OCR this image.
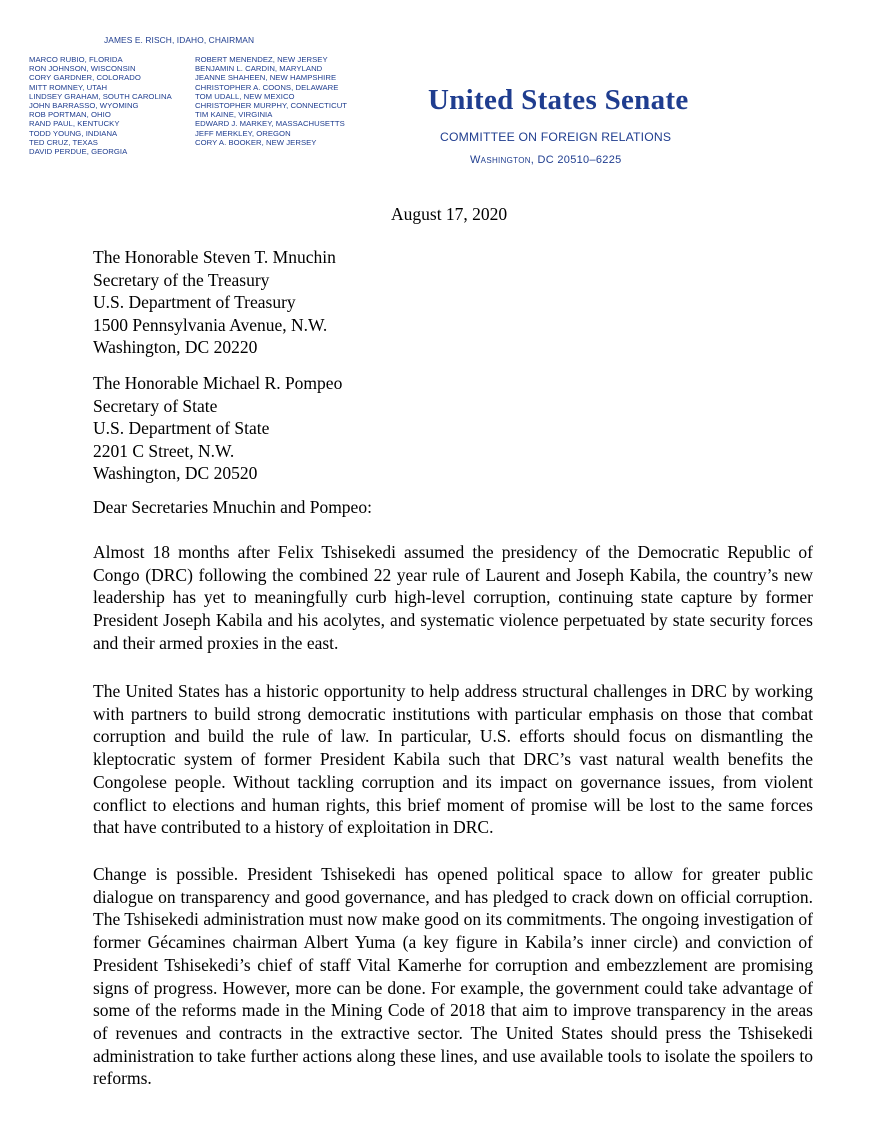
JAMES E. RISCH, IDAHO, CHAIRMAN
MARCO RUBIO, FLORIDA
RON JOHNSON, WISCONSIN
CORY GARDNER, COLORADO
MITT ROMNEY, UTAH
LINDSEY GRAHAM, SOUTH CAROLINA
JOHN BARRASSO, WYOMING
ROB PORTMAN, OHIO
RAND PAUL, KENTUCKY
TODD YOUNG, INDIANA
TED CRUZ, TEXAS
DAVID PERDUE, GEORGIA
ROBERT MENENDEZ, NEW JERSEY
BENJAMIN L. CARDIN, MARYLAND
JEANNE SHAHEEN, NEW HAMPSHIRE
CHRISTOPHER A. COONS, DELAWARE
TOM UDALL, NEW MEXICO
CHRISTOPHER MURPHY, CONNECTICUT
TIM KAINE, VIRGINIA
EDWARD J. MARKEY, MASSACHUSETTS
JEFF MERKLEY, OREGON
CORY A. BOOKER, NEW JERSEY
United States Senate
COMMITTEE ON FOREIGN RELATIONS
Washington, DC 20510–6225
August 17, 2020
The Honorable Steven T. Mnuchin
Secretary of the Treasury
U.S. Department of Treasury
1500 Pennsylvania Avenue, N.W.
Washington, DC 20220
The Honorable Michael R. Pompeo
Secretary of State
U.S. Department of State
2201 C Street, N.W.
Washington, DC 20520
Dear Secretaries Mnuchin and Pompeo:

Almost 18 months after Felix Tshisekedi assumed the presidency of the Democratic Republic of Congo (DRC) following the combined 22 year rule of Laurent and Joseph Kabila, the country’s new leadership has yet to meaningfully curb high-level corruption, continuing state capture by former President Joseph Kabila and his acolytes, and systematic violence perpetuated by state security forces and their armed proxies in the east.

The United States has a historic opportunity to help address structural challenges in DRC by working with partners to build strong democratic institutions with particular emphasis on those that combat corruption and build the rule of law. In particular, U.S. efforts should focus on dismantling the kleptocratic system of former President Kabila such that DRC’s vast natural wealth benefits the Congolese people. Without tackling corruption and its impact on governance issues, from violent conflict to elections and human rights, this brief moment of promise will be lost to the same forces that have contributed to a history of exploitation in DRC.

Change is possible. President Tshisekedi has opened political space to allow for greater public dialogue on transparency and good governance, and has pledged to crack down on official corruption. The Tshisekedi administration must now make good on its commitments. The ongoing investigation of former Gécamines chairman Albert Yuma (a key figure in Kabila’s inner circle) and conviction of President Tshisekedi’s chief of staff Vital Kamerhe for corruption and embezzlement are promising signs of progress. However, more can be done. For example, the government could take advantage of some of the reforms made in the Mining Code of 2018 that aim to improve transparency in the areas of revenues and contracts in the extractive sector. The United States should press the Tshisekedi administration to take further actions along these lines, and use available tools to isolate the spoilers to reforms.
